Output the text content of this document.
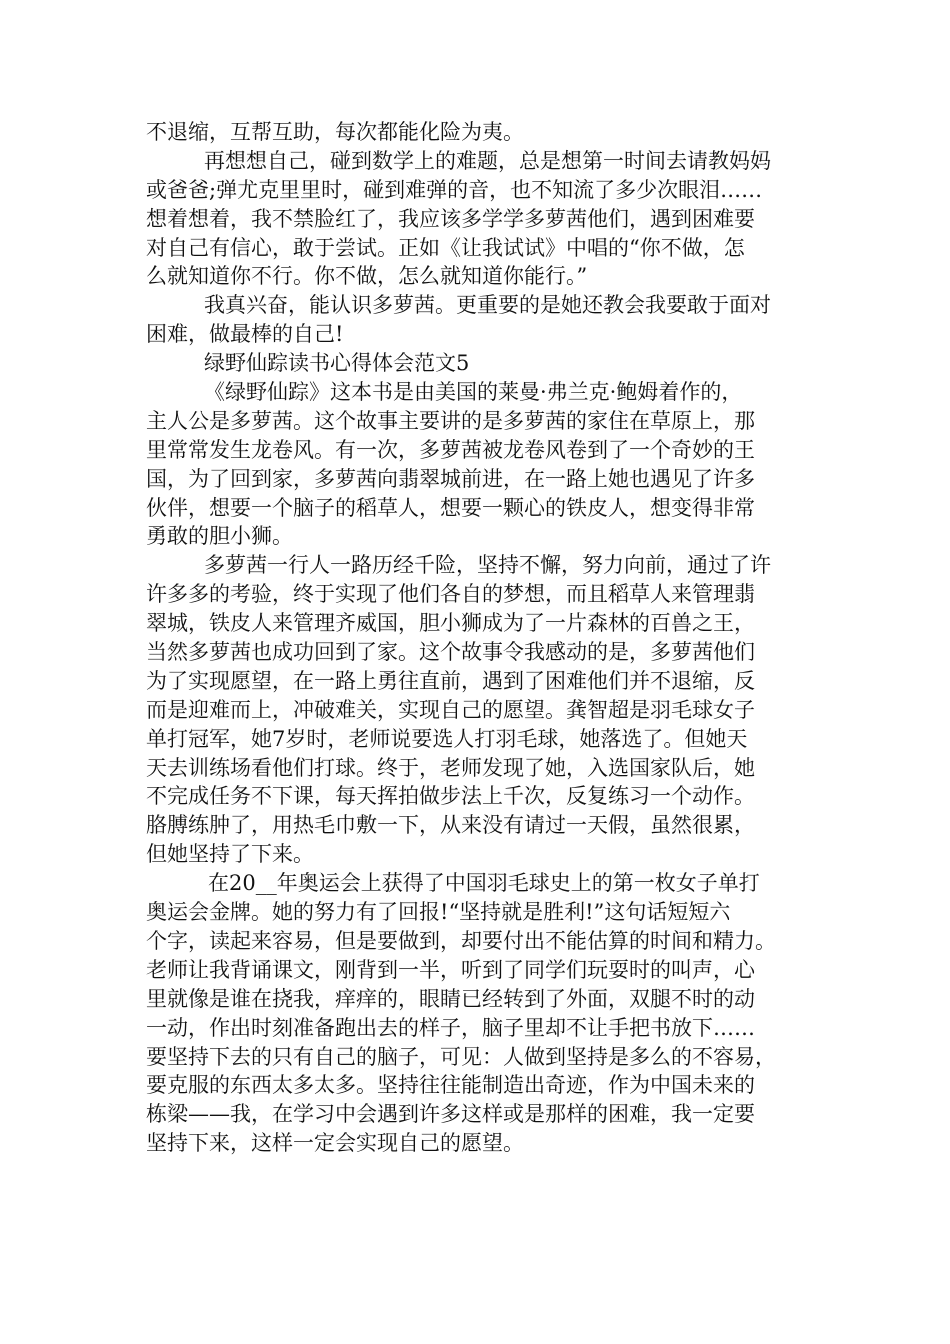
不退缩，互帮互助，每次都能化险为夷。
再想想自己，碰到数学上的难题，总是想第一时间去请教妈妈
或爸爸;弹尤克里里时，碰到难弹的音，也不知流了多少次眼泪……
想着想着，我不禁脸红了，我应该多学学多萝茜他们，遇到困难要
对自己有信心，敢于尝试。正如《让我试试》中唱的“你不做，怎
么就知道你不行。你不做，怎么就知道你能行。”
我真兴奋，能认识多萝茜。更重要的是她还教会我要敢于面对
困难，做最棒的自己!
绿野仙踪读书心得体会范文5
《绿野仙踪》这本书是由美国的莱曼·弗兰克·鲍姆着作的，
主人公是多萝茜。这个故事主要讲的是多萝茜的家住在草原上，那
里常常发生龙卷风。有一次，多萝茜被龙卷风卷到了一个奇妙的王
国，为了回到家，多萝茜向翡翠城前进，在一路上她也遇见了许多
伙伴，想要一个脑子的稻草人，想要一颗心的铁皮人，想变得非常
勇敢的胆小狮。
多萝茜一行人一路历经千险，坚持不懈，努力向前，通过了许
许多多的考验，终于实现了他们各自的梦想，而且稻草人来管理翡
翠城，铁皮人来管理齐威国，胆小狮成为了一片森林的百兽之王，
当然多萝茜也成功回到了家。这个故事令我感动的是，多萝茜他们
为了实现愿望，在一路上勇往直前，遇到了困难他们并不退缩，反
而是迎难而上，冲破难关，实现自己的愿望。龚智超是羽毛球女子
单打冠军，她7岁时，老师说要选人打羽毛球，她落选了。但她天
天去训练场看他们打球。终于，老师发现了她，入选国家队后，她
不完成任务不下课，每天挥拍做步法上千次，反复练习一个动作。
胳膊练肿了，用热毛巾敷一下，从来没有请过一天假，虽然很累，
但她坚持了下来。
在20__年奥运会上获得了中国羽毛球史上的第一枚女子单打
奥运会金牌。她的努力有了回报!“坚持就是胜利!”这句话短短六
个字，读起来容易，但是要做到，却要付出不能估算的时间和精力。
老师让我背诵课文，刚背到一半，听到了同学们玩耍时的叫声，心
里就像是谁在挠我，痒痒的，眼睛已经转到了外面，双腿不时的动
一动，作出时刻准备跑出去的样子，脑子里却不让手把书放下……
要坚持下去的只有自己的脑子，可见：人做到坚持是多么的不容易，
要克服的东西太多太多。坚持往往能制造出奇迹，作为中国未来的
栋梁——我，在学习中会遇到许多这样或是那样的困难，我一定要
坚持下来，这样一定会实现自己的愿望。
